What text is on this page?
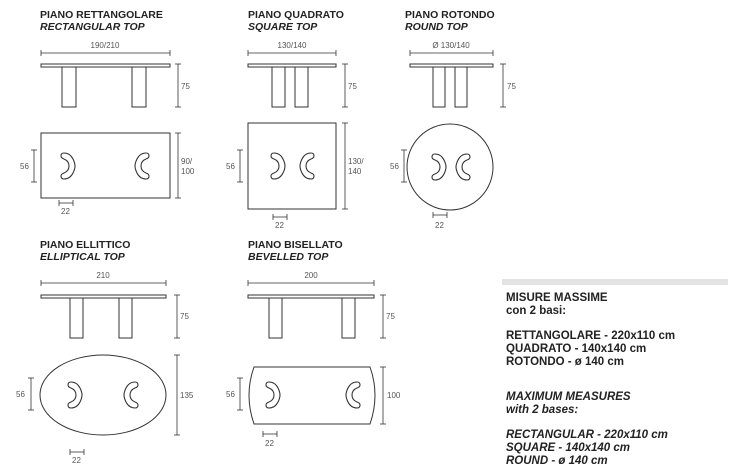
PIANO RETTANGOLARE
RECTANGULAR TOP
PIANO QUADRATO
SQUARE TOP
PIANO ROTONDO
ROUND TOP
PIANO ELLITTICO
ELLIPTICAL TOP
PIANO BISELLATO
BEVELLED TOP
190/210
75
90/
100
56
22
130/140
75
130/
140
56
22
Ø 130/140
75
56
22
210
75
135
56
22
200
75
100
56
22
MISURE MASSIME
con 2 basi:
RETTANGOLARE - 220x110 cm
QUADRATO - 140x140 cm
ROTONDO - ø 140 cm
MAXIMUM MEASURES
with 2 bases:
RECTANGULAR - 220x110 cm
SQUARE - 140x140 cm
ROUND - ø 140 cm
